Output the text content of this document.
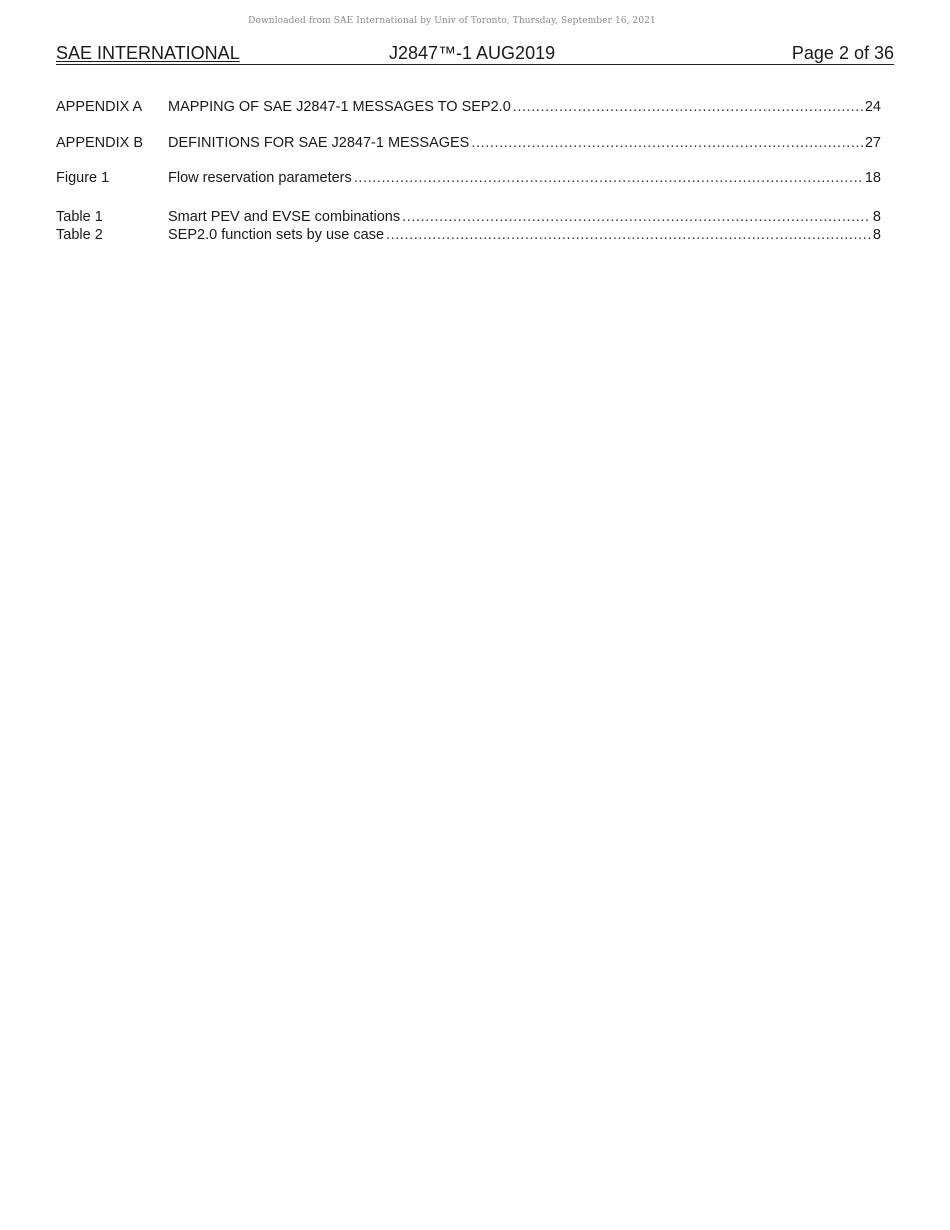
Downloaded from SAE International by Univ of Toronto, Thursday, September 16, 2021
SAE INTERNATIONAL	J2847™-1 AUG2019	Page 2 of 36
APPENDIX A	MAPPING OF SAE J2847-1 MESSAGES TO SEP2.0 .....	24
APPENDIX B	DEFINITIONS FOR SAE J2847-1 MESSAGES .....	27
Figure 1	Flow reservation parameters .....	18
Table 1	Smart PEV and EVSE combinations .....	8
Table 2	SEP2.0 function sets by use case .....	8
